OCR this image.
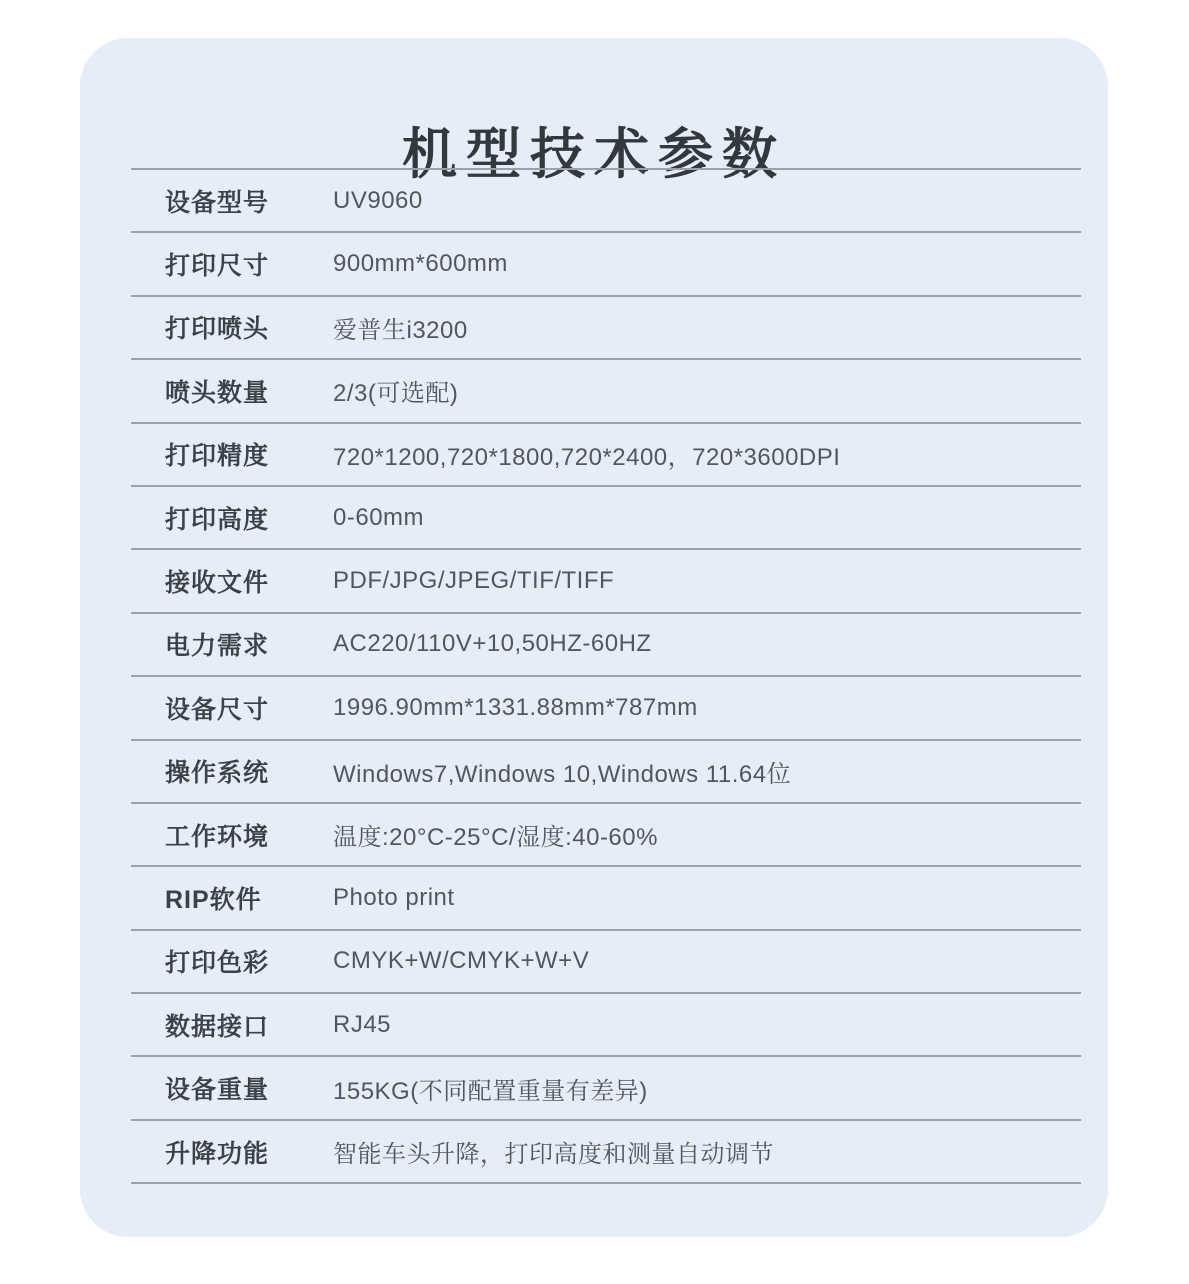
机型技术参数
设备型号	UV9060
打印尺寸	900mm*600mm
打印喷头	爱普生i3200
喷头数量	2/3(可选配)
打印精度	720*1200,720*1800,720*2400，720*3600DPI
打印高度	0-60mm
接收文件	PDF/JPG/JPEG/TIF/TIFF
电力需求	AC220/110V+10,50HZ-60HZ
设备尺寸	1996.90mm*1331.88mm*787mm
操作系统	Windows7,Windows 10,Windows 11.64位
工作环境	温度:20°C-25°C/湿度:40-60%
RIP软件	Photo print
打印色彩	CMYK+W/CMYK+W+V
数据接口	RJ45
设备重量	155KG(不同配置重量有差异)
升降功能	智能车头升降，打印高度和测量自动调节
